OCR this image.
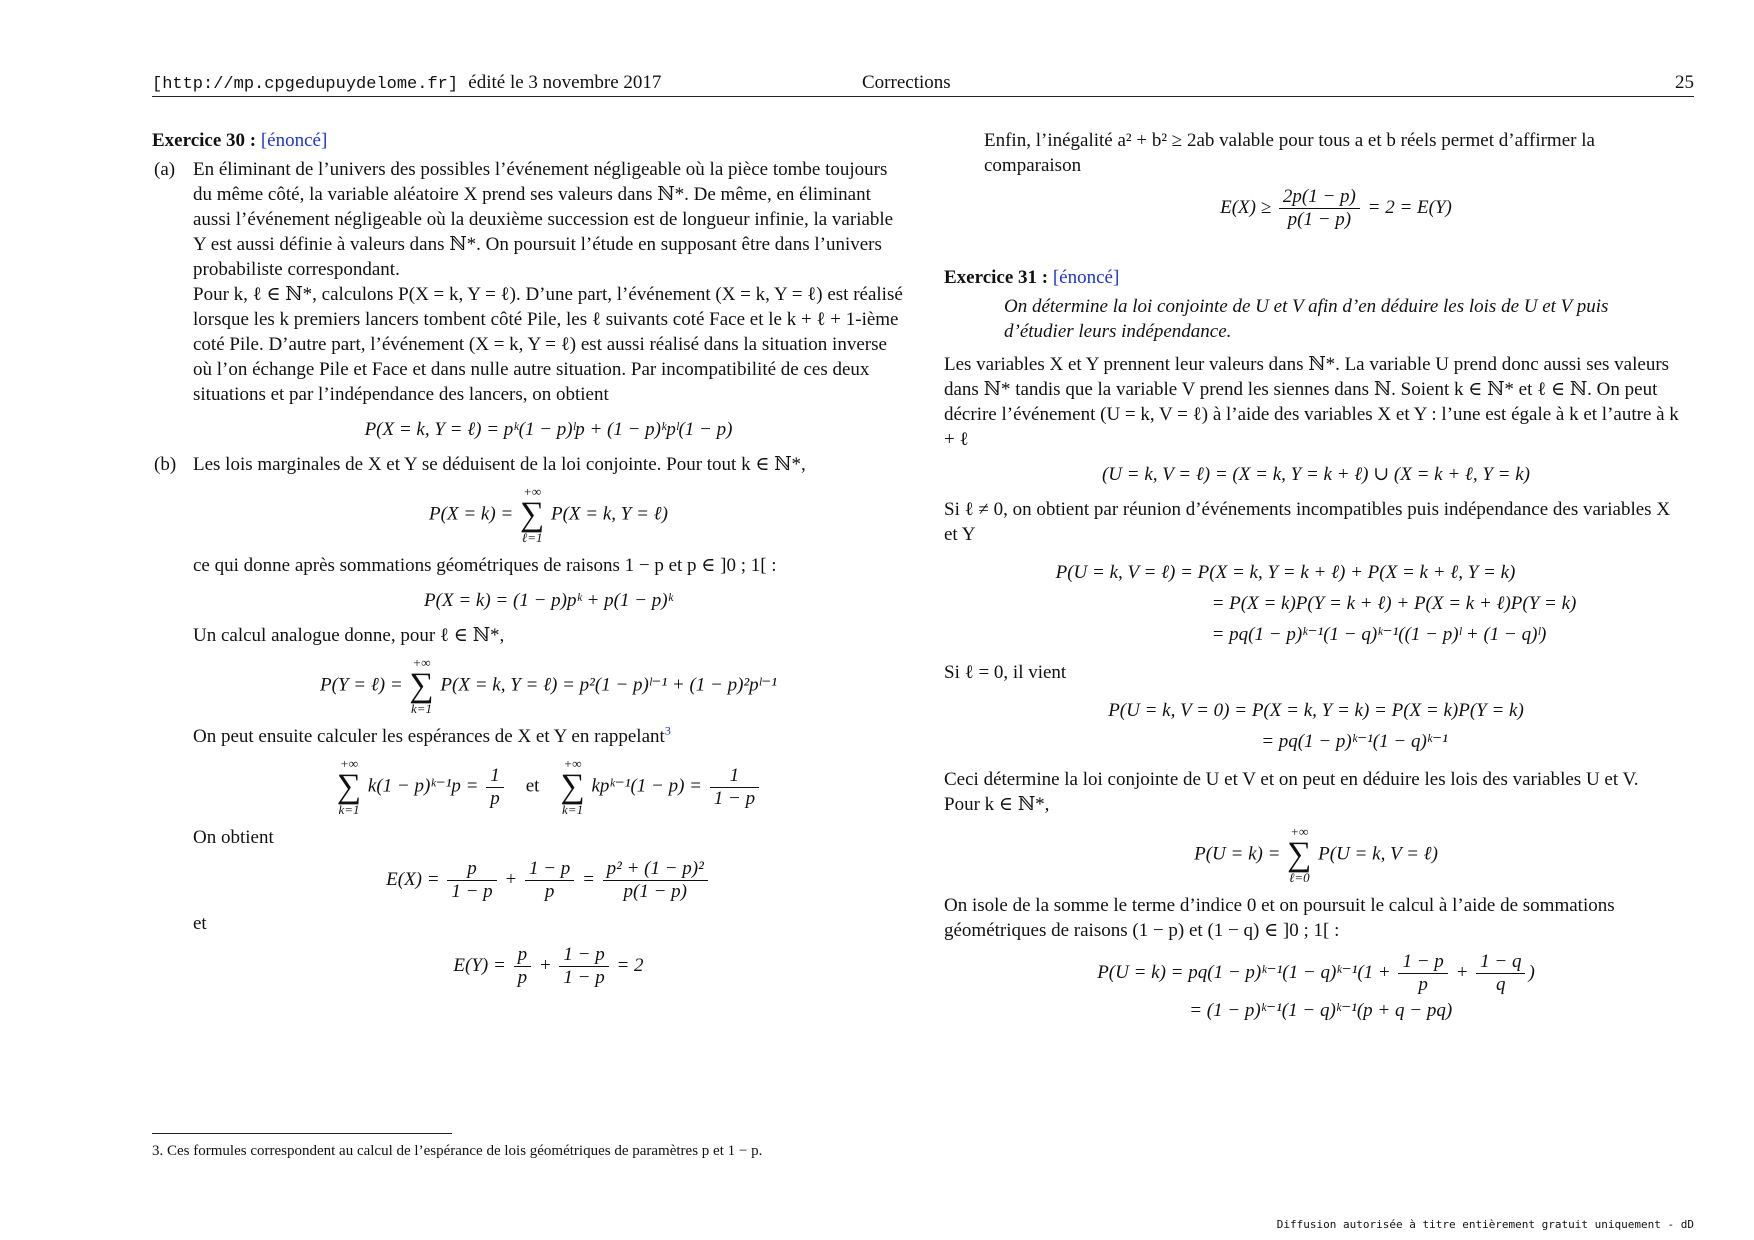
[http://mp.cpgedupuydelome.fr] édité le 3 novembre 2017	Corrections	25

Exercice 30 : [énoncé]

(a) En éliminant de l’univers des possibles l’événement négligeable où la pièce tombe toujours du même côté, la variable aléatoire X prend ses valeurs dans ℕ*. De même, en éliminant aussi l’événement négligeable où la deuxième succession est de longueur infinie, la variable Y est aussi définie à valeurs dans ℕ*. On poursuit l’étude en supposant être dans l’univers probabiliste correspondant.

Pour k, ℓ ∈ ℕ*, calculons P(X = k, Y = ℓ). D’une part, l’événement (X = k, Y = ℓ) est réalisé lorsque les k premiers lancers tombent côté Pile, les ℓ suivants coté Face et le k + ℓ + 1-ième coté Pile. D’autre part, l’événement (X = k, Y = ℓ) est aussi réalisé dans la situation inverse où l’on échange Pile et Face et dans nulle autre situation. Par incompatibilité de ces deux situations et par l’indépendance des lancers, on obtient

P(X = k, Y = ℓ) = pᵏ(1 − p)ˡp + (1 − p)ᵏpˡ(1 − p)
(b) Les lois marginales de X et Y se déduisent de la loi conjointe. Pour tout k ∈ ℕ*,

P(X = k) = +∞
∑
ℓ=1 P(X = k, Y = ℓ)

ce qui donne après sommations géométriques de raisons 1 − p et p ∈ ]0 ; 1[ :

P(X = k) = (1 − p)pᵏ + p(1 − p)ᵏ

Un calcul analogue donne, pour ℓ ∈ ℕ*,

P(Y = ℓ) = +∞
∑
k=1 P(X = k, Y = ℓ) = p²(1 − p)ˡ⁻¹ + (1 − p)²pˡ⁻¹

On peut ensuite calculer les espérances de X et Y en rappelant$^3$

+∞
∑
k=1 k(1 − p)ᵏ⁻¹p = $\frac{1}{p}$ et    +∞
∑
k=1 kpᵏ⁻¹(1 − $p) = \frac{1}{1 - p}$

On obtient

$E(X) = \frac{p}{1 - p} + \frac{1 - p}{p} = \frac{\text{p² + (1 − p)²}}{p(1 - p)}$

et

$E(Y) = \frac{p}{p} + \frac{1 - p}{1 - p} = 2$
3. Ces formules correspondent au calcul de l’espérance de lois géométriques de paramètres p et 1 − p.

Enfin, l’inégalité a² + b² ≥ 2ab valable pour tous a et b réels permet d’affirmer la comparaison

$E(X) \ge \frac{2p(1 - p)}{p(1 - p)} = 2 = E(Y)$

Exercice 31 : [énoncé]

On détermine la loi conjointe de U et V afin d’en déduire les lois de U et V puis d’étudier leurs indépendance.

Les variables X et Y prennent leur valeurs dans ℕ*. La variable U prend donc aussi ses valeurs dans ℕ* tandis que la variable V prend les siennes dans ℕ. Soient k ∈ ℕ* et ℓ ∈ ℕ. On peut décrire l’événement (U = k, V = ℓ) à l’aide des variables X et Y : l’une est égale à k et l’autre à k + ℓ

(U = k, V = ℓ) = (X = k, Y = k + ℓ) ∪ (X = k + ℓ, Y = k)

Si ℓ ≠ 0, on obtient par réunion d’événements incompatibles puis indépendance des variables X et Y

P(U = k, V = ℓ) = P(X = k, Y = k + ℓ) + P(X = k + ℓ, Y = k)
= P(X = k)P(Y = k + ℓ) + P(X = k + ℓ)P(Y = k)
= pq(1 − p)ᵏ⁻¹(1 − q)ᵏ⁻¹((1 − p)ˡ + (1 − q)ˡ)

Si ℓ = 0, il vient

P(U = k, V = 0) = P(X = k, Y = k) = P(X = k)P(Y = k)
= pq(1 − p)ᵏ⁻¹(1 − q)ᵏ⁻¹

Ceci détermine la loi conjointe de U et V et on peut en déduire les lois des variables U et V.

Pour k ∈ ℕ*,

P(U = k) = +∞
∑
ℓ=0 P(U = k, V = ℓ)

On isole de la somme le terme d’indice 0 et on poursuit le calcul à l’aide de sommations géométriques de raisons (1 − p) et (1 − q) ∈ ]0 ; 1[ :

P(U = k) = pq(1 − p)ᵏ⁻¹(1 − q)ᵏ⁻¹(1 + $\frac{1 - p}{p} + \frac{1 - q}{q}$ )
= (1 − p)ᵏ⁻¹(1 − q)ᵏ⁻¹(p + q − pq)
Diffusion autorisée à titre entièrement gratuit uniquement - dD
